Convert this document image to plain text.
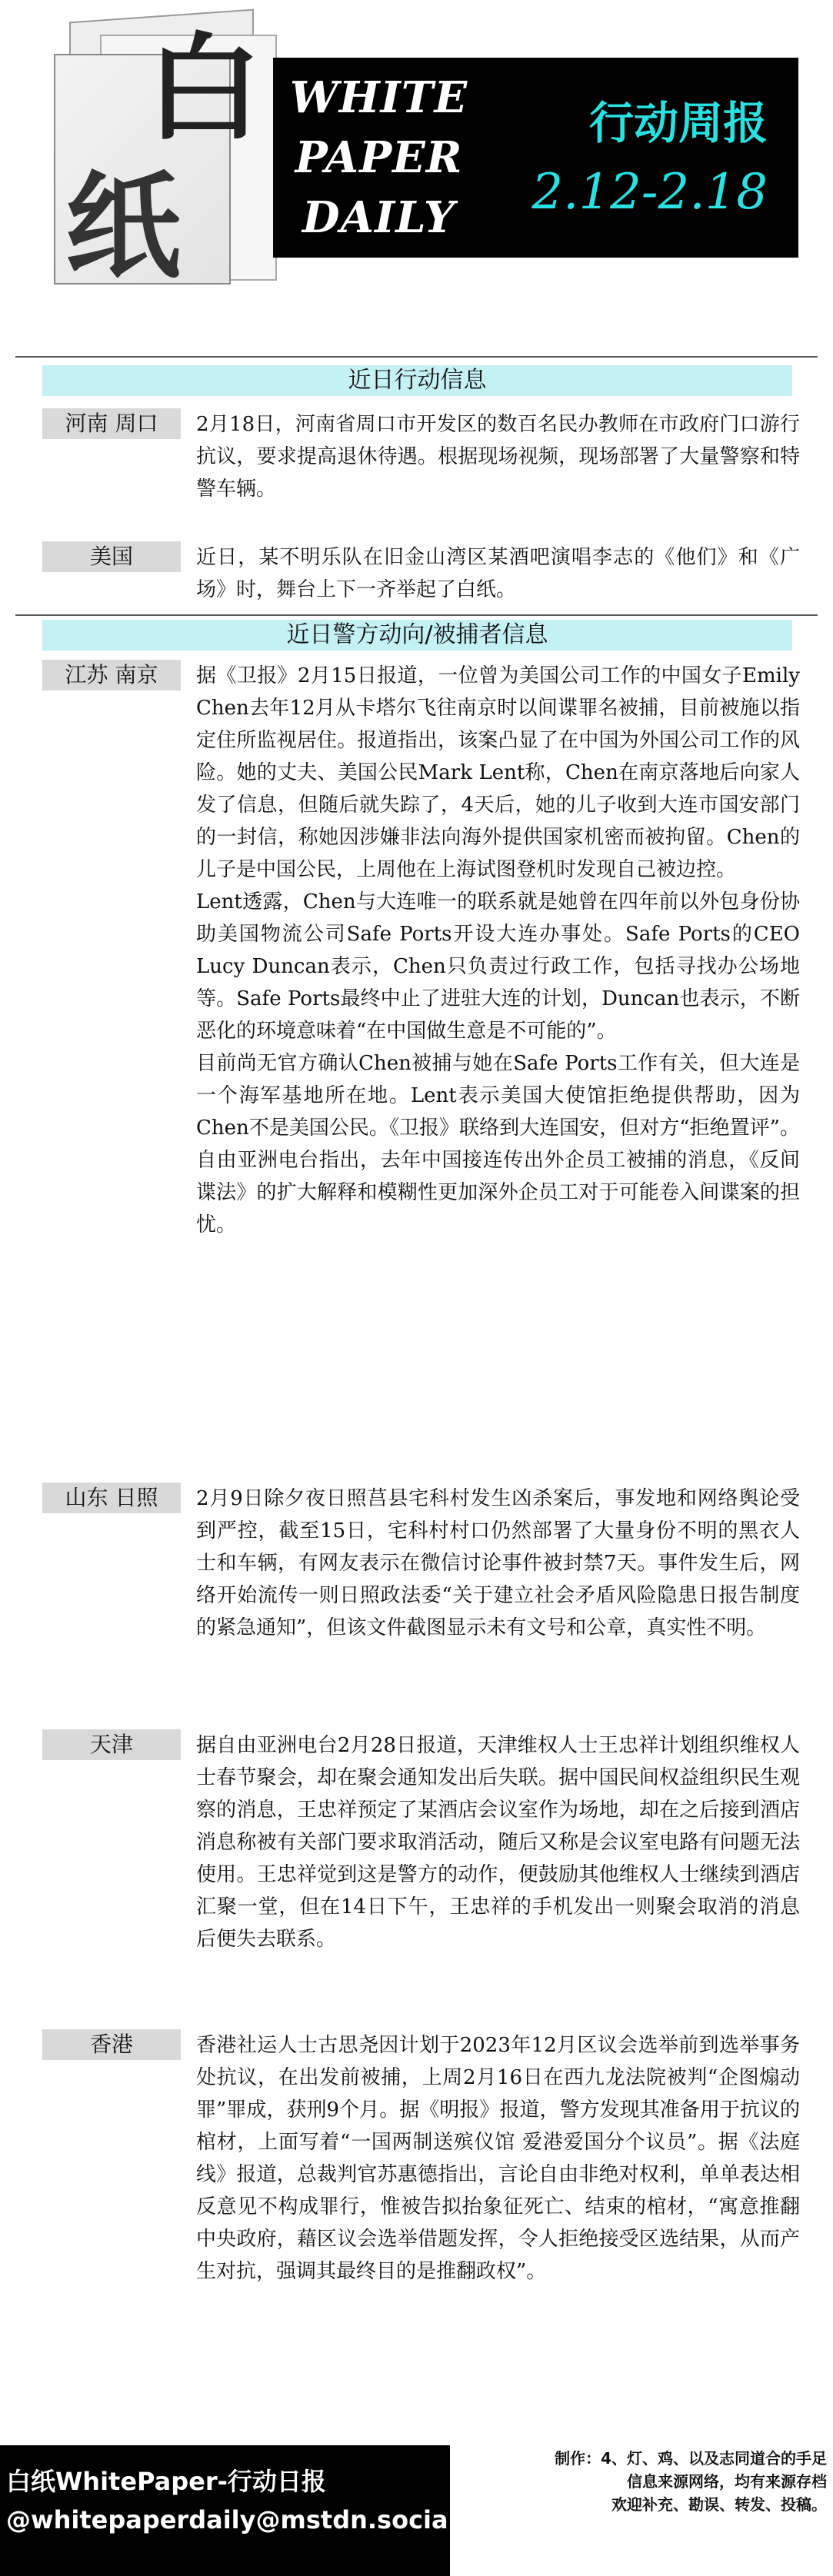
白
纸
WHITE
PAPER
DAILY
行动周报
2.12-2.18
近日行动信息
河南 周口	2月18日，河南省周口市开发区的数百名民办教师在市政府门口游行抗议，要求提高退休待遇。根据现场视频，现场部署了大量警察和特警车辆。
美国	近日，某不明乐队在旧金山湾区某酒吧演唱李志的《他们》和《广场》时，舞台上下一齐举起了白纸。
近日警方动向/被捕者信息
江苏 南京	据《卫报》2月15日报道，一位曾为美国公司工作的中国女子Emily Chen去年12月从卡塔尔飞往南京时以间谍罪名被捕，目前被施以指定住所监视居住。报道指出，该案凸显了在中国为外国公司工作的风险。她的丈夫、美国公民Mark Lent称，Chen在南京落地后向家人发了信息，但随后就失踪了，4天后，她的儿子收到大连市国安部门的一封信，称她因涉嫌非法向海外提供国家机密而被拘留。Chen的儿子是中国公民，上周他在上海试图登机时发现自己被边控。
Lent透露，Chen与大连唯一的联系就是她曾在四年前以外包身份协助美国物流公司Safe Ports开设大连办事处。Safe Ports的CEO Lucy Duncan表示，Chen只负责过行政工作，包括寻找办公场地等。Safe Ports最终中止了进驻大连的计划，Duncan也表示，不断恶化的环境意味着“在中国做生意是不可能的”。
目前尚无官方确认Chen被捕与她在Safe Ports工作有关，但大连是一个海军基地所在地。Lent表示美国大使馆拒绝提供帮助，因为Chen不是美国公民。《卫报》联络到大连国安，但对方“拒绝置评”。自由亚洲电台指出，去年中国接连传出外企员工被捕的消息，《反间谍法》的扩大解释和模糊性更加深外企员工对于可能卷入间谍案的担忧。
山东 日照	2月9日除夕夜日照莒县宅科村发生凶杀案后，事发地和网络舆论受到严控，截至15日，宅科村村口仍然部署了大量身份不明的黑衣人士和车辆，有网友表示在微信讨论事件被封禁7天。事件发生后，网络开始流传一则日照政法委“关于建立社会矛盾风险隐患日报告制度的紧急通知”，但该文件截图显示未有文号和公章，真实性不明。
天津	据自由亚洲电台2月28日报道，天津维权人士王忠祥计划组织维权人士春节聚会，却在聚会通知发出后失联。据中国民间权益组织民生观察的消息，王忠祥预定了某酒店会议室作为场地，却在之后接到酒店消息称被有关部门要求取消活动，随后又称是会议室电路有问题无法使用。王忠祥觉到这是警方的动作，便鼓励其他维权人士继续到酒店汇聚一堂，但在14日下午，王忠祥的手机发出一则聚会取消的消息后便失去联系。
香港	香港社运人士古思尧因计划于2023年12月区议会选举前到选举事务处抗议，在出发前被捕，上周2月16日在西九龙法院被判“企图煽动罪”罪成，获刑9个月。据《明报》报道，警方发现其准备用于抗议的棺材，上面写着“一国两制送殡仪馆 爱港爱国分个议员”。据《法庭线》报道，总裁判官苏惠德指出，言论自由非绝对权利，单单表达相反意见不构成罪行，惟被告拟抬象征死亡、结束的棺材，“寓意推翻中央政府，藉区议会选举借题发挥，令人拒绝接受区选结果，从而产生对抗，强调其最终目的是推翻政权”。
白纸WhitePaper-行动日报
@whitepaperdaily@mstdn.social
制作：4、灯、鸡、以及志同道合的手足
信息来源网络，均有来源存档
欢迎补充、勘误、转发、投稿。
